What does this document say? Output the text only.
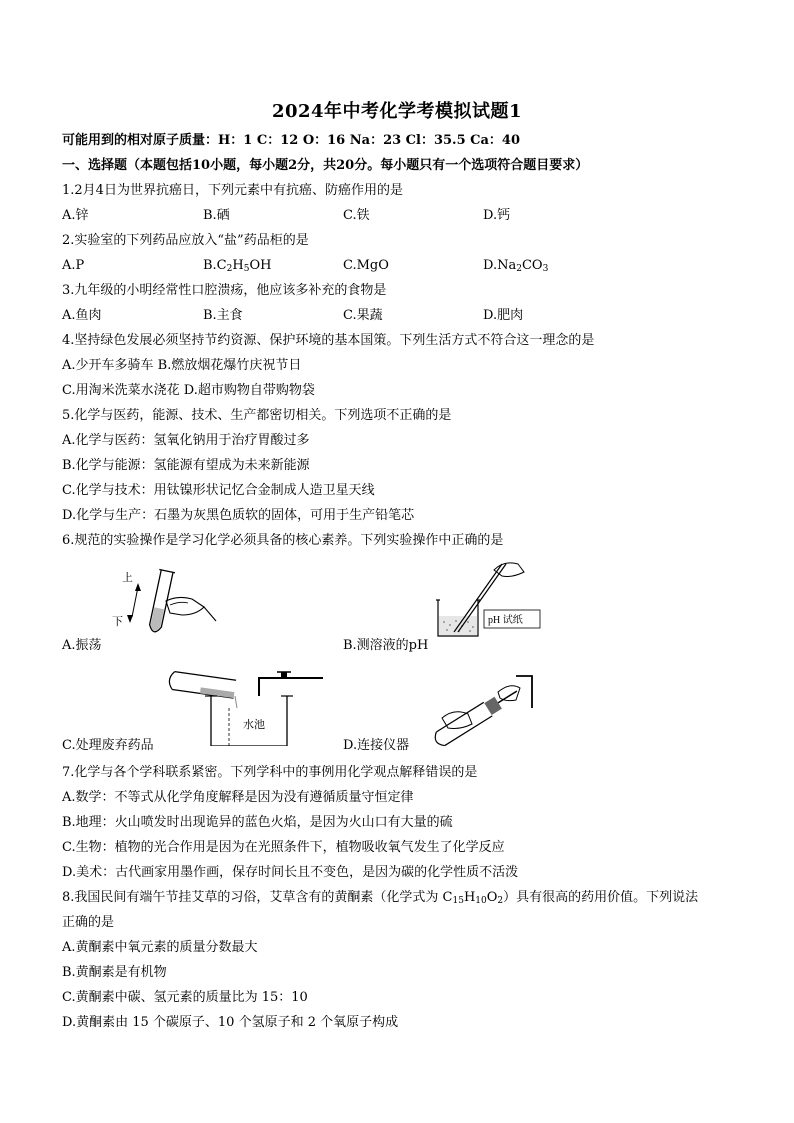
2024年中考化学考模拟试题1
可能用到的相对原子质量：H：1 C：12 O：16 Na：23 Cl：35.5 Ca：40
一、选择题（本题包括10小题，每小题2分，共20分。每小题只有一个选项符合题目要求）
1.2月4日为世界抗癌日，下列元素中有抗癌、防癌作用的是
A.锌	B.硒	C.铁	D.钙
2.实验室的下列药品应放入“盐”药品柜的是
A.P	$B.C_2H_5OH$	C.MgO	$D.Na_2CO_3$
3.九年级的小明经常性口腔溃疡，他应该多补充的食物是
A.鱼肉	B.主食	C.果蔬	D.肥肉
4.坚持绿色发展必须坚持节约资源、保护环境的基本国策。下列生活方式不符合这一理念的是
A.少开车多骑车 B.燃放烟花爆竹庆祝节日
C.用淘米洗菜水浇花 D.超市购物自带购物袋
5.化学与医药，能源、技术、生产都密切相关。下列选项不正确的是
A.化学与医药：氢氧化钠用于治疗胃酸过多
B.化学与能源：氢能源有望成为未来新能源
C.化学与技术：用钛镍形状记忆合金制成人造卫星天线
D.化学与生产：石墨为灰黑色质软的固体，可用于生产铅笔芯
6.规范的实验操作是学习化学必须具备的核心素养。下列实验操作中正确的是
上
下
A.振荡
pH 试纸
B.测溶液的pH
水池
C.处理废弃药品	D.连接仪器
7.化学与各个学科联系紧密。下列学科中的事例用化学观点解释错误的是
A.数学：不等式从化学角度解释是因为没有遵循质量守恒定律
B.地理：火山喷发时出现诡异的蓝色火焰，是因为火山口有大量的硫
C.生物：植物的光合作用是因为在光照条件下，植物吸收氧气发生了化学反应
D.美术：古代画家用墨作画，保存时间长且不变色，是因为碳的化学性质不活泼
8.我国民间有端午节挂艾草的习俗，艾草含有的黄酮素（化学式为 $C_{15}H_{10}O_2$）具有很高的药用价值。下列说法
正确的是
A.黄酮素中氧元素的质量分数最大
B.黄酮素是有机物
C.黄酮素中碳、氢元素的质量比为 15：10
D.黄酮素由 15 个碳原子、10 个氢原子和 2 个氧原子构成
